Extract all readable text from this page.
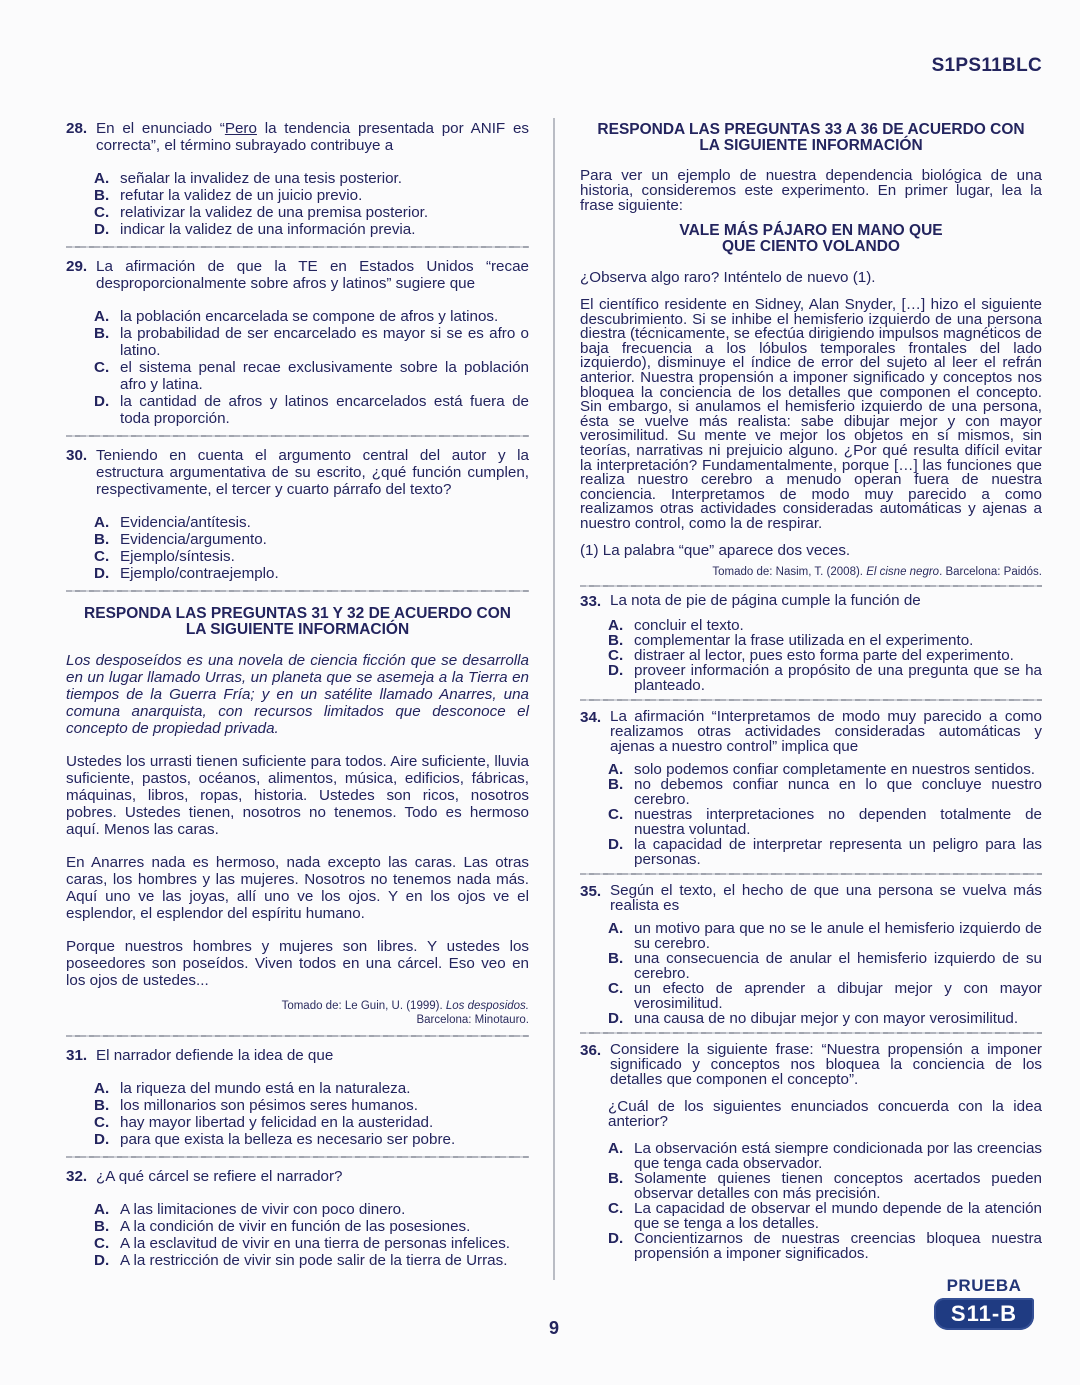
S1PS11BLC
28. En el enunciado “Pero la tendencia presentada por ANIF es correcta”, el término subrayado contribuye a
A. señalar la invalidez de una tesis posterior.
B. refutar la validez de un juicio previo.
C. relativizar la validez de una premisa posterior.
D. indicar la validez de una información previa.
29. La afirmación de que la TE en Estados Unidos “recae desproporcionalmente sobre afros y latinos” sugiere que
A. la población encarcelada se compone de afros y latinos.
B. la probabilidad de ser encarcelado es mayor si se es afro o latino.
C. el sistema penal recae exclusivamente sobre la población afro y latina.
D. la cantidad de afros y latinos encarcelados está fuera de toda proporción.
30. Teniendo en cuenta el argumento central del autor y la estructura argumentativa de su escrito, ¿qué función cumplen, respectivamente, el tercer y cuarto párrafo del texto?
A. Evidencia/antítesis.
B. Evidencia/argumento.
C. Ejemplo/síntesis.
D. Ejemplo/contraejemplo.
RESPONDA LAS PREGUNTAS 31 Y 32 DE ACUERDO CON
LA SIGUIENTE INFORMACIÓN
Los desposeídos es una novela de ciencia ficción que se desarrolla en un lugar llamado Urras, un planeta que se asemeja a la Tierra en tiempos de la Guerra Fría; y en un satélite llamado Anarres, una comuna anarquista, con recursos limitados que desconoce el concepto de propiedad privada.
Ustedes los urrasti tienen suficiente para todos. Aire suficiente, lluvia suficiente, pastos, océanos, alimentos, música, edificios, fábricas, máquinas, libros, ropas, historia. Ustedes son ricos, nosotros pobres. Ustedes tienen, nosotros no tenemos. Todo es hermoso aquí. Menos las caras.
En Anarres nada es hermoso, nada excepto las caras. Las otras caras, los hombres y las mujeres. Nosotros no tenemos nada más. Aquí uno ve las joyas, allí uno ve los ojos. Y en los ojos ve el esplendor, el esplendor del espíritu humano.
Porque nuestros hombres y mujeres son libres. Y ustedes los poseedores son poseídos. Viven todos en una cárcel. Eso veo en los ojos de ustedes...
Tomado de: Le Guin, U. (1999). Los desposidos.
Barcelona: Minotauro.
31. El narrador defiende la idea de que
A. la riqueza del mundo está en la naturaleza.
B. los millonarios son pésimos seres humanos.
C. hay mayor libertad y felicidad en la austeridad.
D. para que exista la belleza es necesario ser pobre.
32. ¿A qué cárcel se refiere el narrador?
A. A las limitaciones de vivir con poco dinero.
B. A la condición de vivir en función de las posesiones.
C. A la esclavitud de vivir en una tierra de personas infelices.
D. A la restricción de vivir sin pode salir de la tierra de Urras.
RESPONDA LAS PREGUNTAS 33 A 36 DE ACUERDO CON
LA SIGUIENTE INFORMACIÓN
Para ver un ejemplo de nuestra dependencia biológica de una historia, consideremos este experimento. En primer lugar, lea la frase siguiente:
VALE MÁS PÁJARO EN MANO QUE
QUE CIENTO VOLANDO
¿Observa algo raro? Inténtelo de nuevo (1).
El científico residente en Sidney, Alan Snyder, […] hizo el siguiente descubrimiento. Si se inhibe el hemisferio izquierdo de una persona diestra (técnicamente, se efectúa dirigiendo impulsos magnéticos de baja frecuencia a los lóbulos temporales frontales del lado izquierdo), disminuye el índice de error del sujeto al leer el refrán anterior. Nuestra propensión a imponer significado y conceptos nos bloquea la conciencia de los detalles que componen el concepto. Sin embargo, si anulamos el hemisferio izquierdo de una persona, ésta se vuelve más realista: sabe dibujar mejor y con mayor verosimilitud. Su mente ve mejor los objetos en sí mismos, sin teorías, narrativas ni prejuicio alguno. ¿Por qué resulta difícil evitar la interpretación? Fundamentalmente, porque […] las funciones que realiza nuestro cerebro a menudo operan fuera de nuestra conciencia. Interpretamos de modo muy parecido a como realizamos otras actividades consideradas automáticas y ajenas a nuestro control, como la de respirar.
(1) La palabra “que” aparece dos veces.
Tomado de: Nasim, T. (2008). El cisne negro. Barcelona: Paidós.
33. La nota de pie de página cumple la función de
A. concluir el texto.
B. complementar la frase utilizada en el experimento.
C. distraer al lector, pues esto forma parte del experimento.
D. proveer información a propósito de una pregunta que se ha planteado.
34. La afirmación “Interpretamos de modo muy parecido a como realizamos otras actividades consideradas automáticas y ajenas a nuestro control” implica que
A. solo podemos confiar completamente en nuestros sentidos.
B. no debemos confiar nunca en lo que concluye nuestro cerebro.
C. nuestras interpretaciones no dependen totalmente de nuestra voluntad.
D. la capacidad de interpretar representa un peligro para las personas.
35. Según el texto, el hecho de que una persona se vuelva más realista es
A. un motivo para que no se le anule el hemisferio izquierdo de su cerebro.
B. una consecuencia de anular el hemisferio izquierdo de su cerebro.
C. un efecto de aprender a dibujar mejor y con mayor verosimilitud.
D. una causa de no dibujar mejor y con mayor verosimilitud.
36. Considere la siguiente frase: “Nuestra propensión a imponer significado y conceptos nos bloquea la conciencia de los detalles que componen el concepto”.
¿Cuál de los siguientes enunciados concuerda con la idea anterior?
A. La observación está siempre condicionada por las creencias que tenga cada observador.
B. Solamente quienes tienen conceptos acertados pueden observar detalles con más precisión.
C. La capacidad de observar el mundo depende de la atención que se tenga a los detalles.
D. Concientizarnos de nuestras creencias bloquea nuestra propensión a imponer significados.
9
PRUEBA
S11-B
